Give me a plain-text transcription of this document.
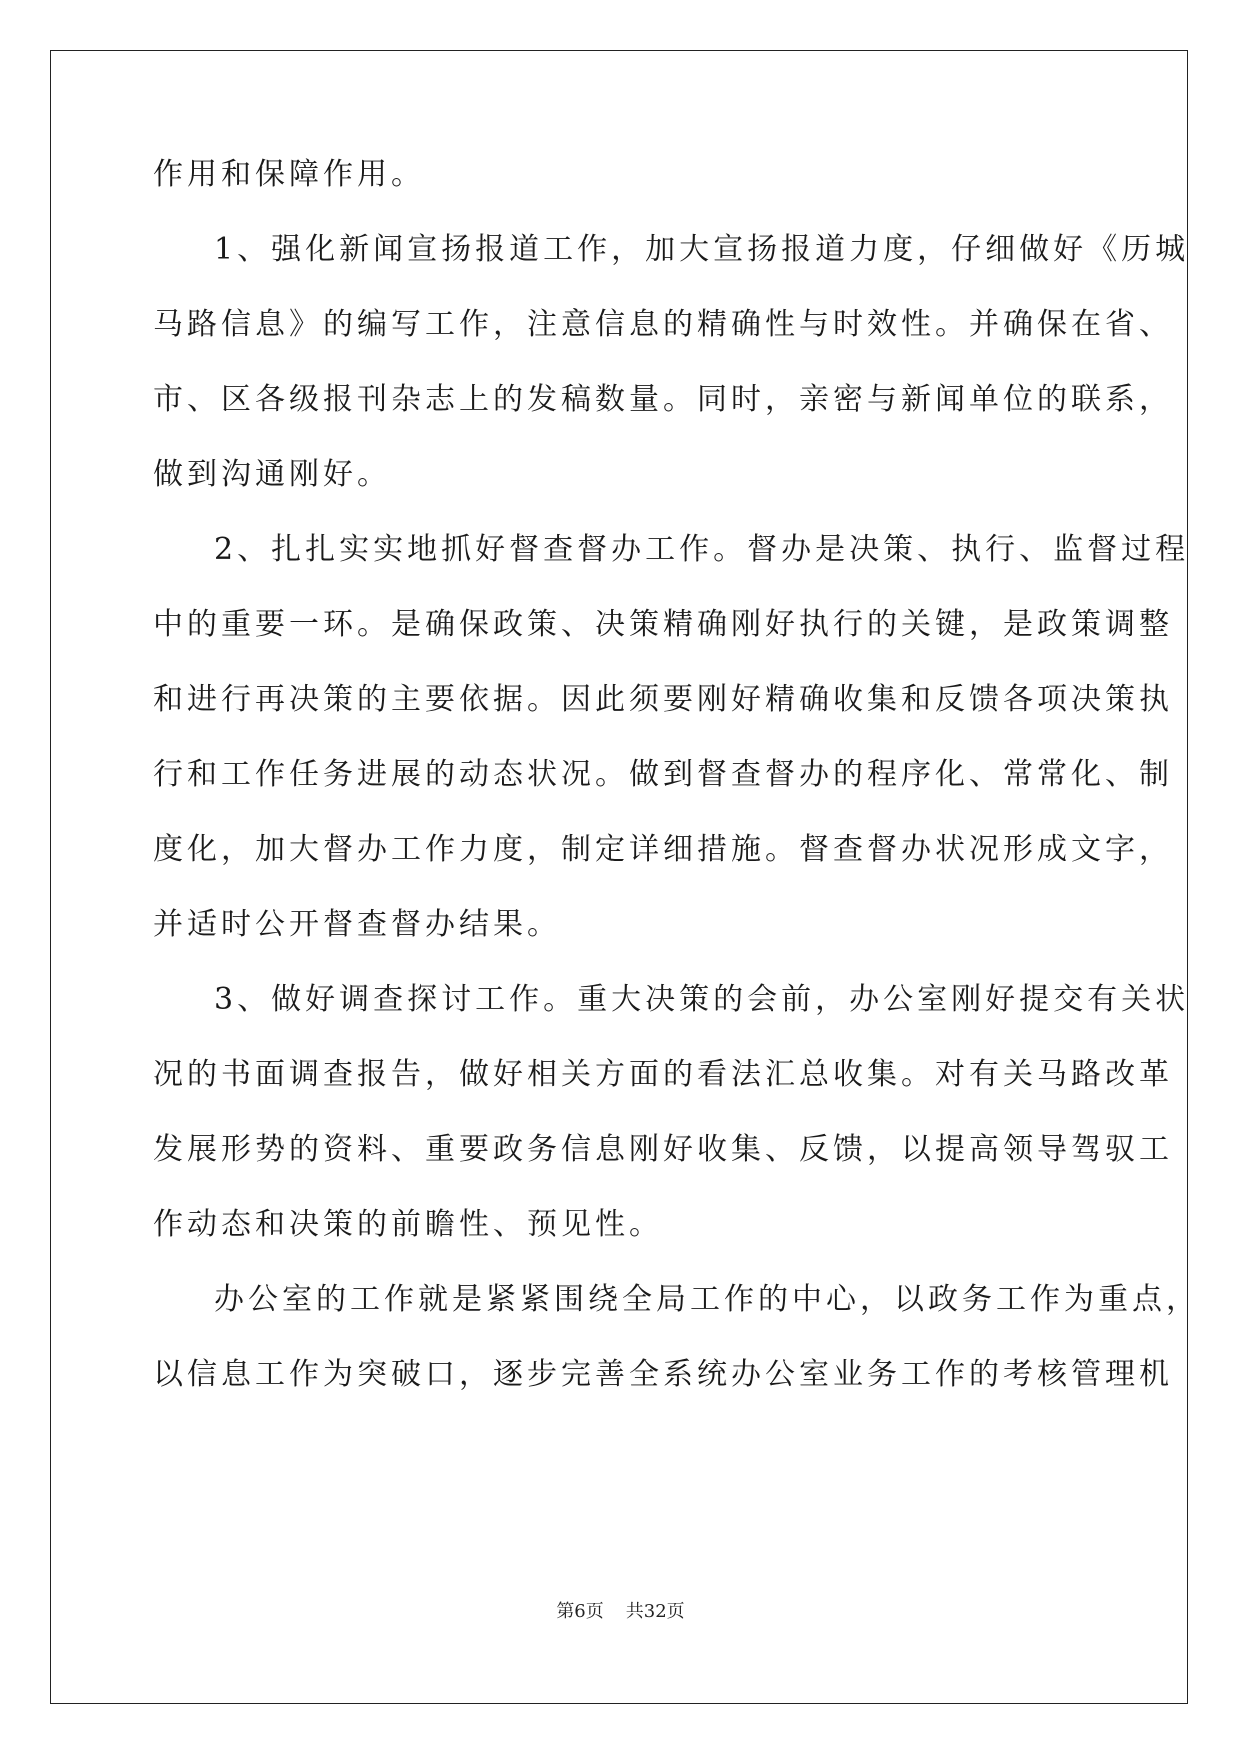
作用和保障作用。
1、强化新闻宣扬报道工作，加大宣扬报道力度，仔细做好《历城
马路信息》的编写工作，注意信息的精确性与时效性。并确保在省、
市、区各级报刊杂志上的发稿数量。同时，亲密与新闻单位的联系，
做到沟通刚好。
2、扎扎实实地抓好督查督办工作。督办是决策、执行、监督过程
中的重要一环。是确保政策、决策精确刚好执行的关键，是政策调整
和进行再决策的主要依据。因此须要刚好精确收集和反馈各项决策执
行和工作任务进展的动态状况。做到督查督办的程序化、常常化、制
度化，加大督办工作力度，制定详细措施。督查督办状况形成文字，
并适时公开督查督办结果。
3、做好调查探讨工作。重大决策的会前，办公室刚好提交有关状
况的书面调查报告，做好相关方面的看法汇总收集。对有关马路改革
发展形势的资料、重要政务信息刚好收集、反馈，以提高领导驾驭工
作动态和决策的前瞻性、预见性。
办公室的工作就是紧紧围绕全局工作的中心，以政务工作为重点，
以信息工作为突破口，逐步完善全系统办公室业务工作的考核管理机
第6页 共32页
